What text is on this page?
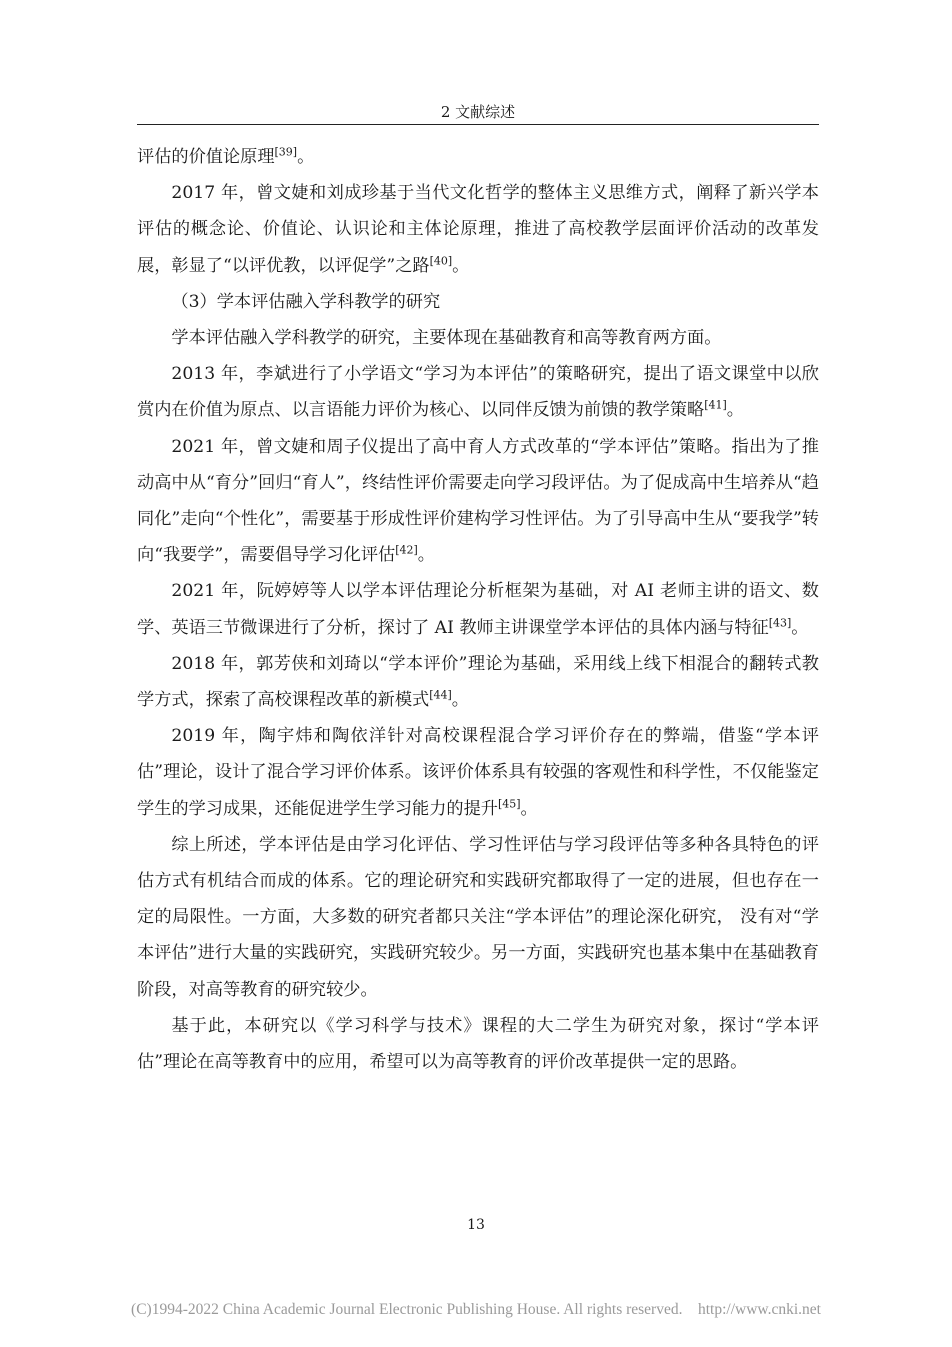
2 文献综述

评估的价值论原理[39]。

2017 年，曾文婕和刘成珍基于当代文化哲学的整体主义思维方式，阐释了新兴学本评估的概念论、价值论、认识论和主体论原理，推进了高校教学层面评价活动的改革发展，彰显了“以评优教，以评促学”之路[40]。

（3）学本评估融入学科教学的研究

学本评估融入学科教学的研究，主要体现在基础教育和高等教育两方面。

2013 年，李斌进行了小学语文“学习为本评估”的策略研究，提出了语文课堂中以欣赏内在价值为原点、以言语能力评价为核心、以同伴反馈为前馈的教学策略[41]。

2021 年，曾文婕和周子仪提出了高中育人方式改革的“学本评估”策略。指出为了推动高中从“育分”回归“育人”，终结性评价需要走向学习段评估。为了促成高中生培养从“趋同化”走向“个性化”，需要基于形成性评价建构学习性评估。为了引导高中生从“要我学”转向“我要学”，需要倡导学习化评估[42]。

2021 年，阮婷婷等人以学本评估理论分析框架为基础，对 AI 老师主讲的语文、数学、英语三节微课进行了分析，探讨了 AI 教师主讲课堂学本评估的具体内涵与特征[43]。

2018 年，郭芳侠和刘琦以“学本评价”理论为基础，采用线上线下相混合的翻转式教学方式，探索了高校课程改革的新模式[44]。

2019 年，陶宇炜和陶依洋针对高校课程混合学习评价存在的弊端，借鉴“学本评估”理论，设计了混合学习评价体系。该评价体系具有较强的客观性和科学性，不仅能鉴定学生的学习成果，还能促进学生学习能力的提升[45]。

综上所述，学本评估是由学习化评估、学习性评估与学习段评估等多种各具特色的评估方式有机结合而成的体系。它的理论研究和实践研究都取得了一定的进展，但也存在一定的局限性。一方面，大多数的研究者都只关注“学本评估”的理论深化研究， 没有对“学本评估”进行大量的实践研究，实践研究较少。另一方面，实践研究也基本集中在基础教育阶段，对高等教育的研究较少。

基于此，本研究以《学习科学与技术》课程的大二学生为研究对象，探讨“学本评估”理论在高等教育中的应用，希望可以为高等教育的评价改革提供一定的思路。

13
(C)1994-2022 China Academic Journal Electronic Publishing House. All rights reserved.    http://www.cnki.net
